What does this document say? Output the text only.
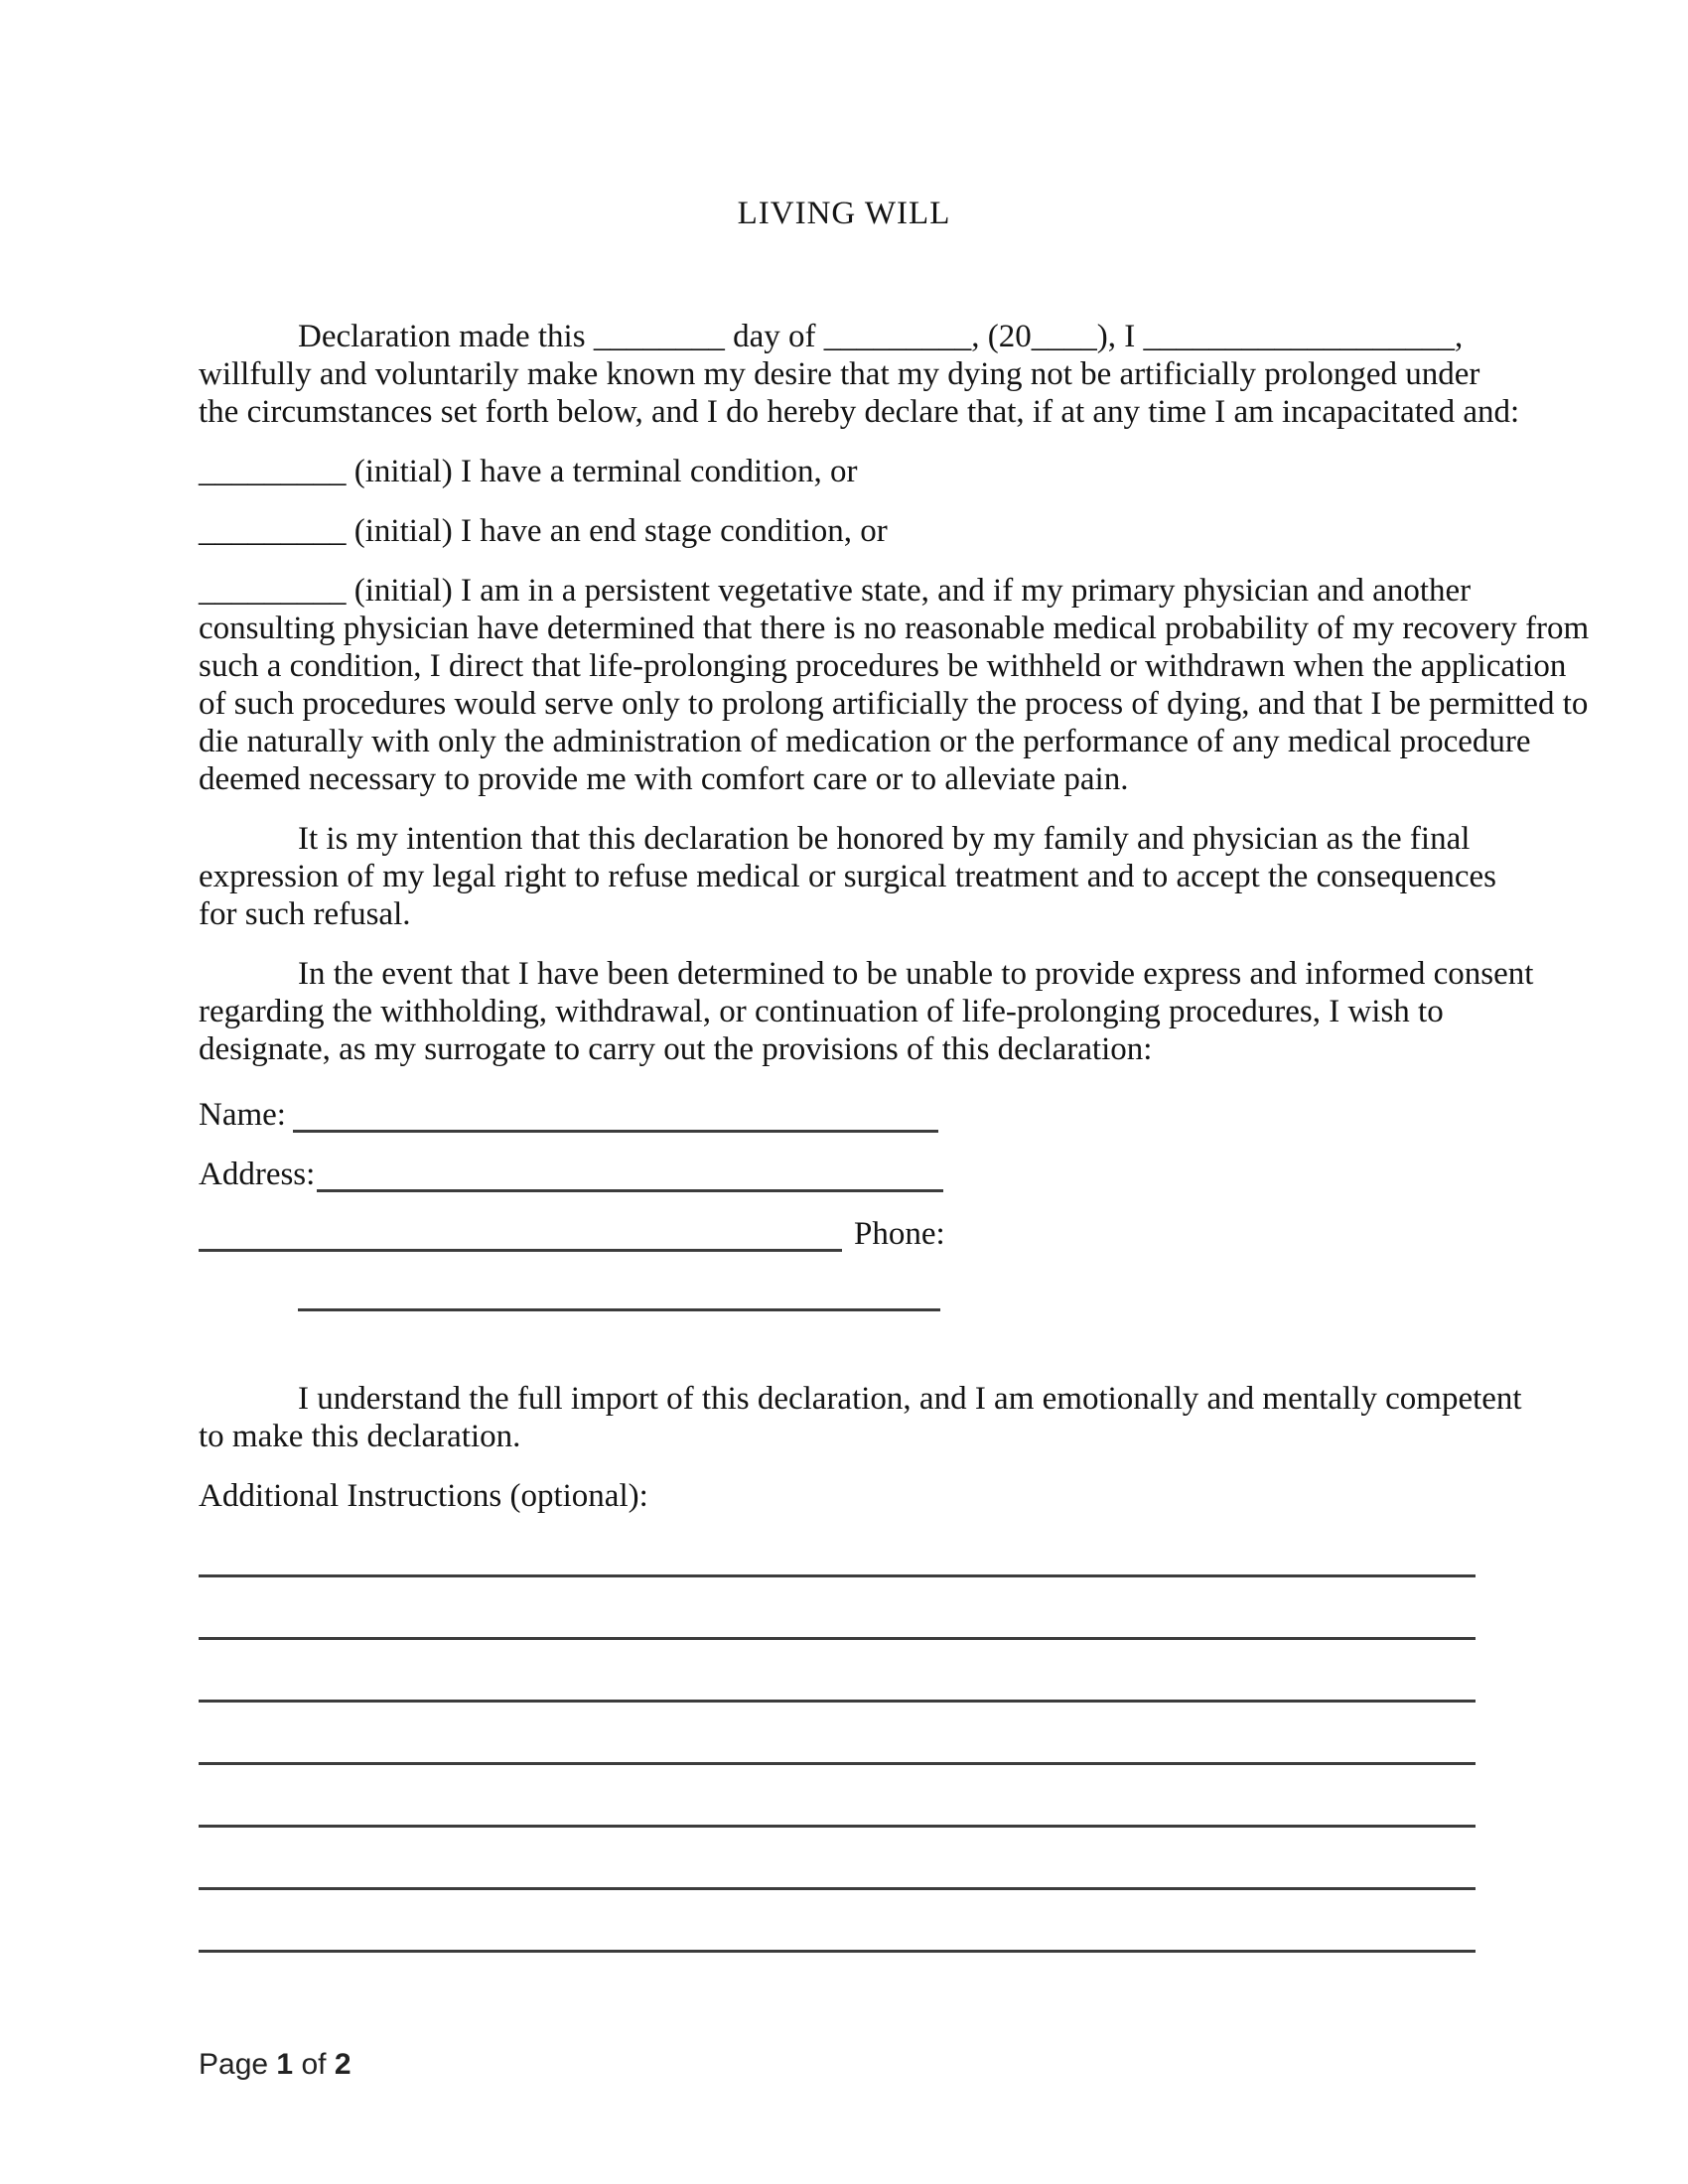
LIVING WILL
Declaration made this ________ day of _________, (20____), I ___________________,
willfully and voluntarily make known my desire that my dying not be artificially prolonged under
the circumstances set forth below, and I do hereby declare that, if at any time I am incapacitated and:
_________ (initial) I have a terminal condition, or
_________ (initial) I have an end stage condition, or
_________ (initial) I am in a persistent vegetative state, and if my primary physician and another
consulting physician have determined that there is no reasonable medical probability of my recovery from
such a condition, I direct that life-prolonging procedures be withheld or withdrawn when the application
of such procedures would serve only to prolong artificially the process of dying, and that I be permitted to
die naturally with only the administration of medication or the performance of any medical procedure
deemed necessary to provide me with comfort care or to alleviate pain.
It is my intention that this declaration be honored by my family and physician as the final
expression of my legal right to refuse medical or surgical treatment and to accept the consequences
for such refusal.
In the event that I have been determined to be unable to provide express and informed consent
regarding the withholding, withdrawal, or continuation of life-prolonging procedures, I wish to
designate, as my surrogate to carry out the provisions of this declaration:
Name:
Address:
Phone:
I understand the full import of this declaration, and I am emotionally and mentally competent
to make this declaration.
Additional Instructions (optional):
Page 1 of 2
